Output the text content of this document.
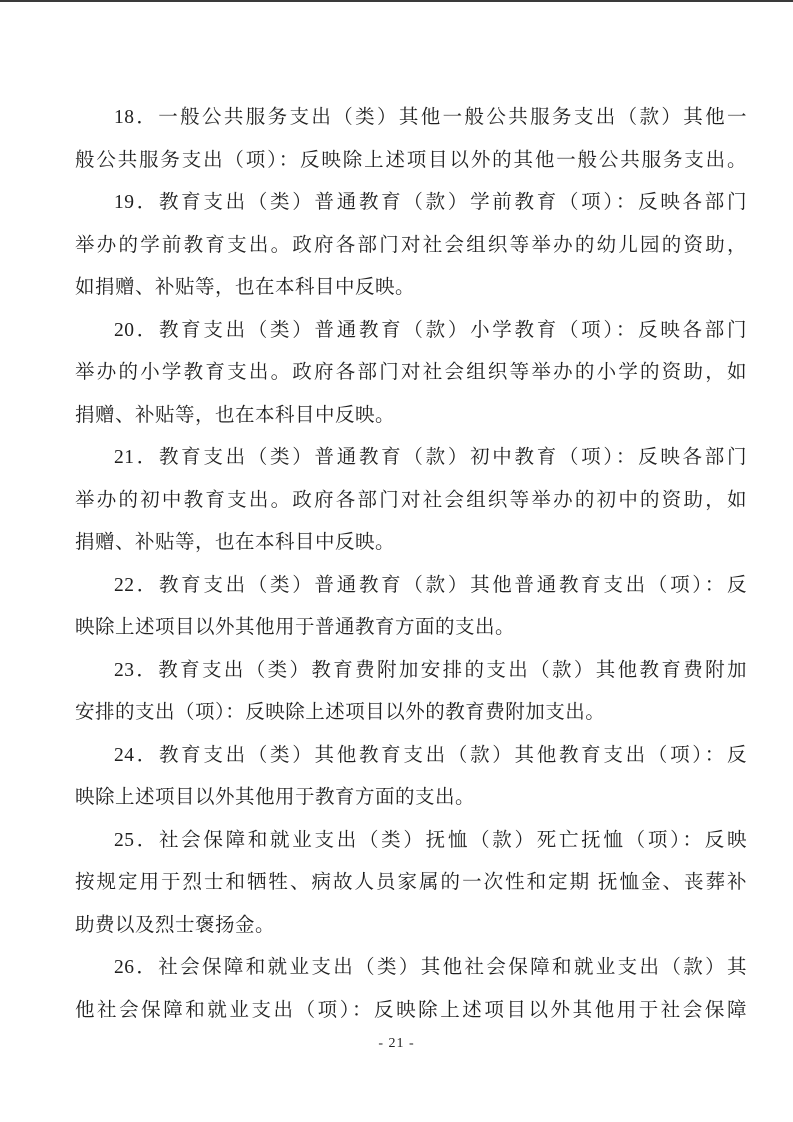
18．一般公共服务支出（类）其他一般公共服务支出（款）其他一
般公共服务支出（项）：反映除上述项目以外的其他一般公共服务支出。
19．教育支出（类）普通教育（款）学前教育（项）：反映各部门
举办的学前教育支出。政府各部门对社会组织等举办的幼儿园的资助，
如捐赠、补贴等，也在本科目中反映。
20．教育支出（类）普通教育（款）小学教育（项）：反映各部门
举办的小学教育支出。政府各部门对社会组织等举办的小学的资助，如
捐赠、补贴等，也在本科目中反映。
21．教育支出（类）普通教育（款）初中教育（项）：反映各部门
举办的初中教育支出。政府各部门对社会组织等举办的初中的资助，如
捐赠、补贴等，也在本科目中反映。
22．教育支出（类）普通教育（款）其他普通教育支出（项）：反
映除上述项目以外其他用于普通教育方面的支出。
23．教育支出（类）教育费附加安排的支出（款）其他教育费附加
安排的支出（项）：反映除上述项目以外的教育费附加支出。
24．教育支出（类）其他教育支出（款）其他教育支出（项）：反
映除上述项目以外其他用于教育方面的支出。
25．社会保障和就业支出（类）抚恤（款）死亡抚恤（项）：反映
按规定用于烈士和牺牲、病故人员家属的一次性和定期 抚恤金、丧葬补
助费以及烈士褒扬金。
26．社会保障和就业支出（类）其他社会保障和就业支出（款）其
他社会保障和就业支出（项）：反映除上述项目以外其他用于社会保障
- 21 -
